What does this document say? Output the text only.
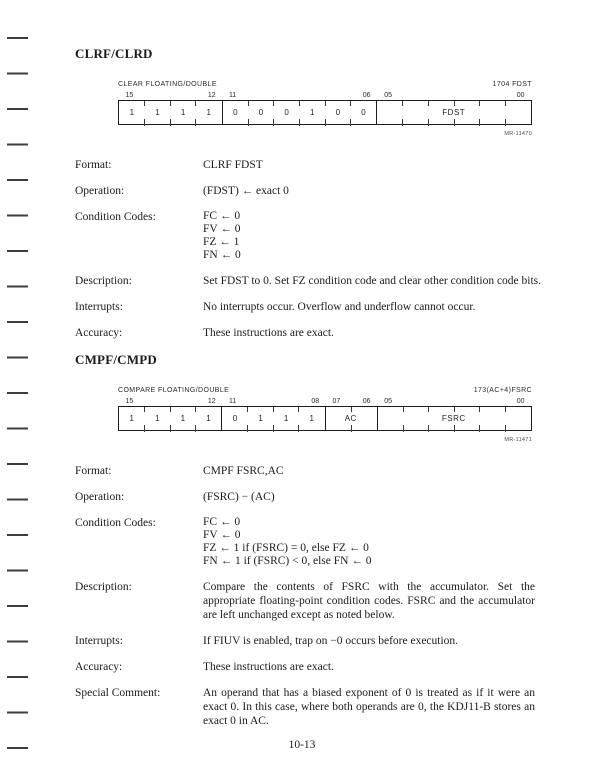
CLRF/CLRD
CLEAR FLOATING/DOUBLE	1704 FDST
15	12 11	06 05	00
1	1	1	1	0	0	0	1	0	0	FDST
MR-11470
Format:	CLRF FDST
Operation:	(FDST) ← exact 0
Condition Codes:	FC ← 0
FV ← 0
FZ ← 1
FN ← 0
Description:	Set FDST to 0. Set FZ condition code and clear other condition code bits.
Interrupts:	No interrupts occur. Overflow and underflow cannot occur.
Accuracy:	These instructions are exact.
CMPF/CMPD
COMPARE FLOATING/DOUBLE	173(AC+4)FSRC
15	12 11	08 07	06 05	00
1	1	1	1	0	1	1	1	AC	FSRC
MR-11471
Format:	CMPF FSRC,AC
Operation:	(FSRC) − (AC)
Condition Codes:	FC ← 0
FV ← 0
FZ ← 1 if (FSRC) = 0, else FZ ← 0
FN ← 1 if (FSRC) < 0, else FN ← 0
Description:	Compare the contents of FSRC with the accumulator. Set the appropriate floating-point condition codes. FSRC and the accumulator are left unchanged except as noted below.
Interrupts:	If FIUV is enabled, trap on −0 occurs before execution.
Accuracy:	These instructions are exact.
Special Comment:	An operand that has a biased exponent of 0 is treated as if it were an exact 0. In this case, where both operands are 0, the KDJ11-B stores an exact 0 in AC.
10-13
